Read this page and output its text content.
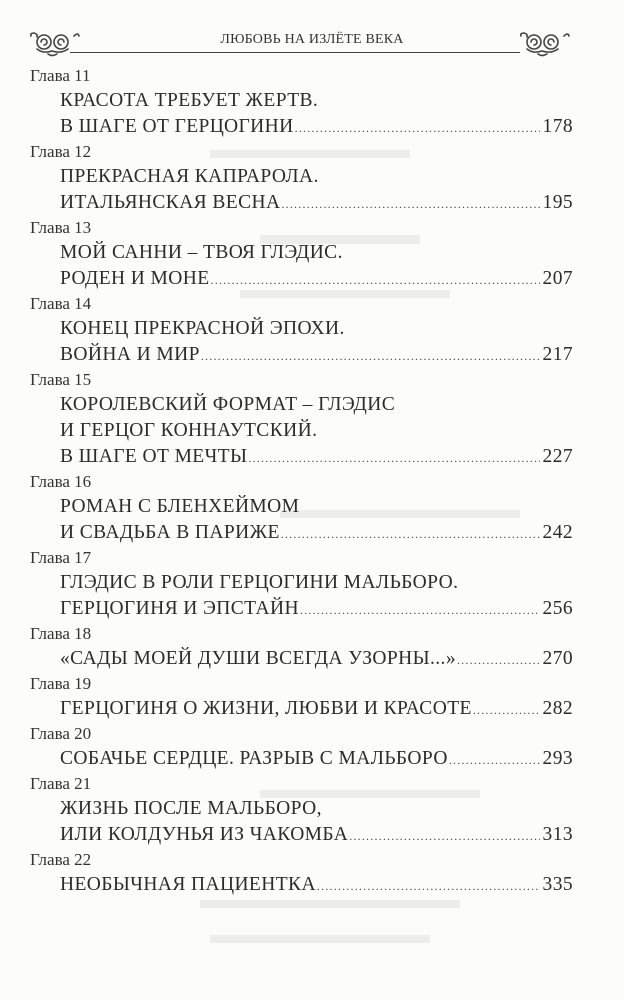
ЛЮБОВЬ НА ИЗЛЁТЕ ВЕКА
Глава 11
КРАСОТА ТРЕБУЕТ ЖЕРТВ.
В ШАГЕ ОТ ГЕРЦОГИНИ .....	178
Глава 12
ПРЕКРАСНАЯ КАПРАРОЛА.
ИТАЛЬЯНСКАЯ ВЕСНА .....	195
Глава 13
МОЙ САННИ – ТВОЯ ГЛЭДИС.
РОДЕН И МОНЕ .....	207
Глава 14
КОНЕЦ ПРЕКРАСНОЙ ЭПОХИ.
ВОЙНА И МИР .....	217
Глава 15
КОРОЛЕВСКИЙ ФОРМАТ – ГЛЭДИС
И ГЕРЦОГ КОННАУТСКИЙ.
В ШАГЕ ОТ МЕЧТЫ .....	227
Глава 16
РОМАН С БЛЕНХЕЙМОМ
И СВАДЬБА В ПАРИЖЕ .....	242
Глава 17
ГЛЭДИС В РОЛИ ГЕРЦОГИНИ МАЛЬБОРО.
ГЕРЦОГИНЯ И ЭПСТАЙН .....	256
Глава 18
«САДЫ МОЕЙ ДУШИ ВСЕГДА УЗОРНЫ...» .....	270
Глава 19
ГЕРЦОГИНЯ О ЖИЗНИ, ЛЮБВИ И КРАСОТЕ .....	282
Глава 20
СОБАЧЬЕ СЕРДЦЕ. РАЗРЫВ С МАЛЬБОРО .....	293
Глава 21
ЖИЗНЬ ПОСЛЕ МАЛЬБОРО,
ИЛИ КОЛДУНЬЯ ИЗ ЧАКОМБА .....	313
Глава 22
НЕОБЫЧНАЯ ПАЦИЕНТКА .....	335
